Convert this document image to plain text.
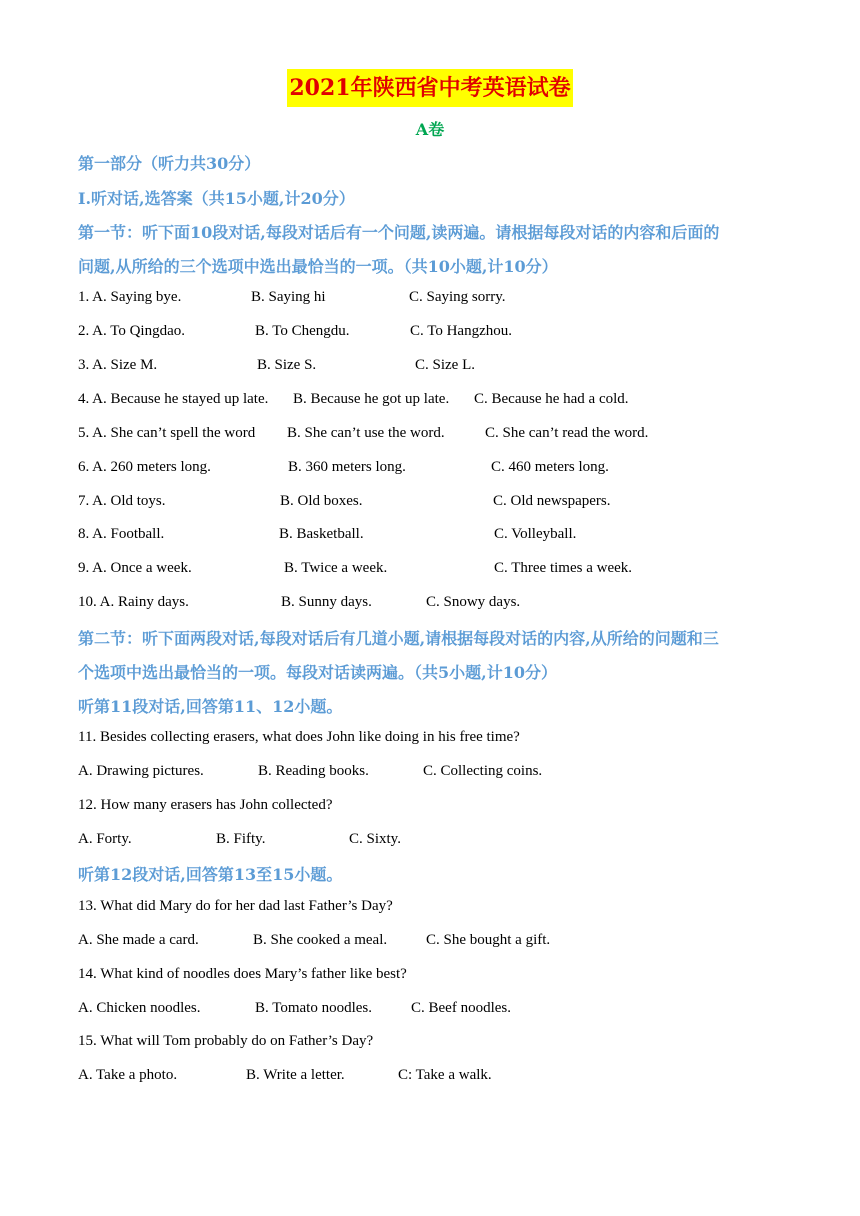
2021年陕西省中考英语试卷
A卷
第一部分（听力共30分）
Ⅰ.听对话,选答案（共15小题,计20分）
第一节：听下面10段对话,每段对话后有一个问题,读两遍。请根据每段对话的内容和后面的
问题,从所给的三个选项中选出最恰当的一项。（共10小题,计10分）
1. A. Saying bye.	B. Saying hi	C. Saying sorry.
2. A. To Qingdao.	B. To Chengdu.	C. To Hangzhou.
3. A. Size M.	B. Size S.	C. Size L.
4. A. Because he stayed up late. B. Because he got up late. C. Because he had a cold.
5. A. She can’t spell the word B. She can’t use the word.	C. She can’t read the word.
6. A. 260 meters long.	B. 360 meters long.	C. 460 meters long.
7. A. Old toys.	B. Old boxes.	C. Old newspapers.
8. A. Football.	B. Basketball.	C. Volleyball.
9. A. Once a week.	B. Twice a week.	C. Three times a week.
10. A. Rainy days.	B. Sunny days.	C. Snowy days.
第二节：听下面两段对话,每段对话后有几道小题,请根据每段对话的内容,从所给的问题和三
个选项中选出最恰当的一项。每段对话读两遍。（共5小题,计10分）
听第11段对话,回答第11、12小题。
11. Besides collecting erasers, what does John like doing in his free time?
A. Drawing pictures.	B. Reading books.	C. Collecting coins.
12. How many erasers has John collected?
A. Forty.	B. Fifty.	C. Sixty.
听第12段对话,回答第13至15小题。
13. What did Mary do for her dad last Father’s Day?
A. She made a card.	B. She cooked a meal.	C. She bought a gift.
14. What kind of noodles does Mary’s father like best?
A. Chicken noodles.	B. Tomato noodles.	C. Beef noodles.
15. What will Tom probably do on Father’s Day?
A. Take a photo.	B. Write a letter.	C: Take a walk.
